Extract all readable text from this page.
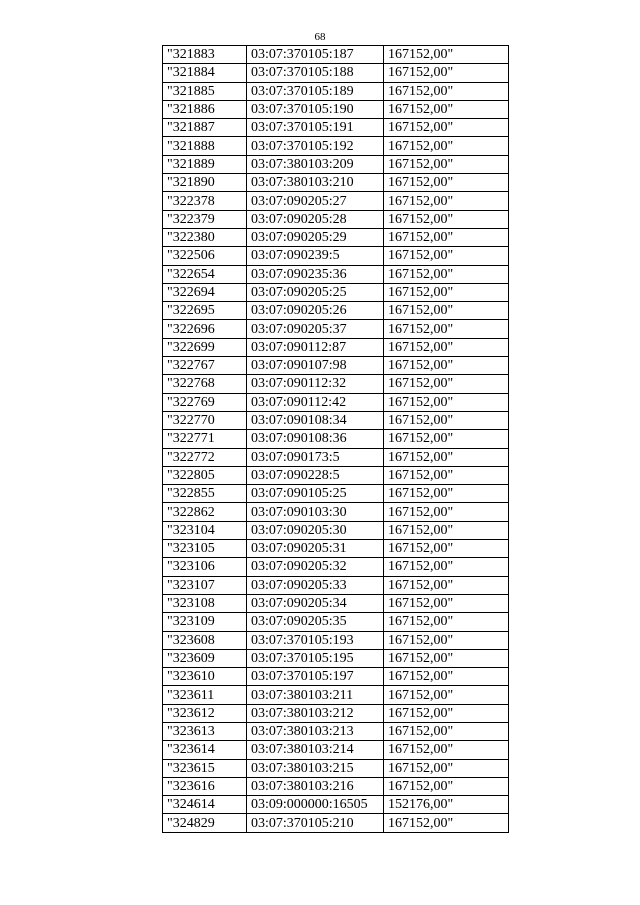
68
"321883	03:07:370105:187	167152,00"
"321884	03:07:370105:188	167152,00"
"321885	03:07:370105:189	167152,00"
"321886	03:07:370105:190	167152,00"
"321887	03:07:370105:191	167152,00"
"321888	03:07:370105:192	167152,00"
"321889	03:07:380103:209	167152,00"
"321890	03:07:380103:210	167152,00"
"322378	03:07:090205:27	167152,00"
"322379	03:07:090205:28	167152,00"
"322380	03:07:090205:29	167152,00"
"322506	03:07:090239:5	167152,00"
"322654	03:07:090235:36	167152,00"
"322694	03:07:090205:25	167152,00"
"322695	03:07:090205:26	167152,00"
"322696	03:07:090205:37	167152,00"
"322699	03:07:090112:87	167152,00"
"322767	03:07:090107:98	167152,00"
"322768	03:07:090112:32	167152,00"
"322769	03:07:090112:42	167152,00"
"322770	03:07:090108:34	167152,00"
"322771	03:07:090108:36	167152,00"
"322772	03:07:090173:5	167152,00"
"322805	03:07:090228:5	167152,00"
"322855	03:07:090105:25	167152,00"
"322862	03:07:090103:30	167152,00"
"323104	03:07:090205:30	167152,00"
"323105	03:07:090205:31	167152,00"
"323106	03:07:090205:32	167152,00"
"323107	03:07:090205:33	167152,00"
"323108	03:07:090205:34	167152,00"
"323109	03:07:090205:35	167152,00"
"323608	03:07:370105:193	167152,00"
"323609	03:07:370105:195	167152,00"
"323610	03:07:370105:197	167152,00"
"323611	03:07:380103:211	167152,00"
"323612	03:07:380103:212	167152,00"
"323613	03:07:380103:213	167152,00"
"323614	03:07:380103:214	167152,00"
"323615	03:07:380103:215	167152,00"
"323616	03:07:380103:216	167152,00"
"324614	03:09:000000:16505	152176,00"
"324829	03:07:370105:210	167152,00"
